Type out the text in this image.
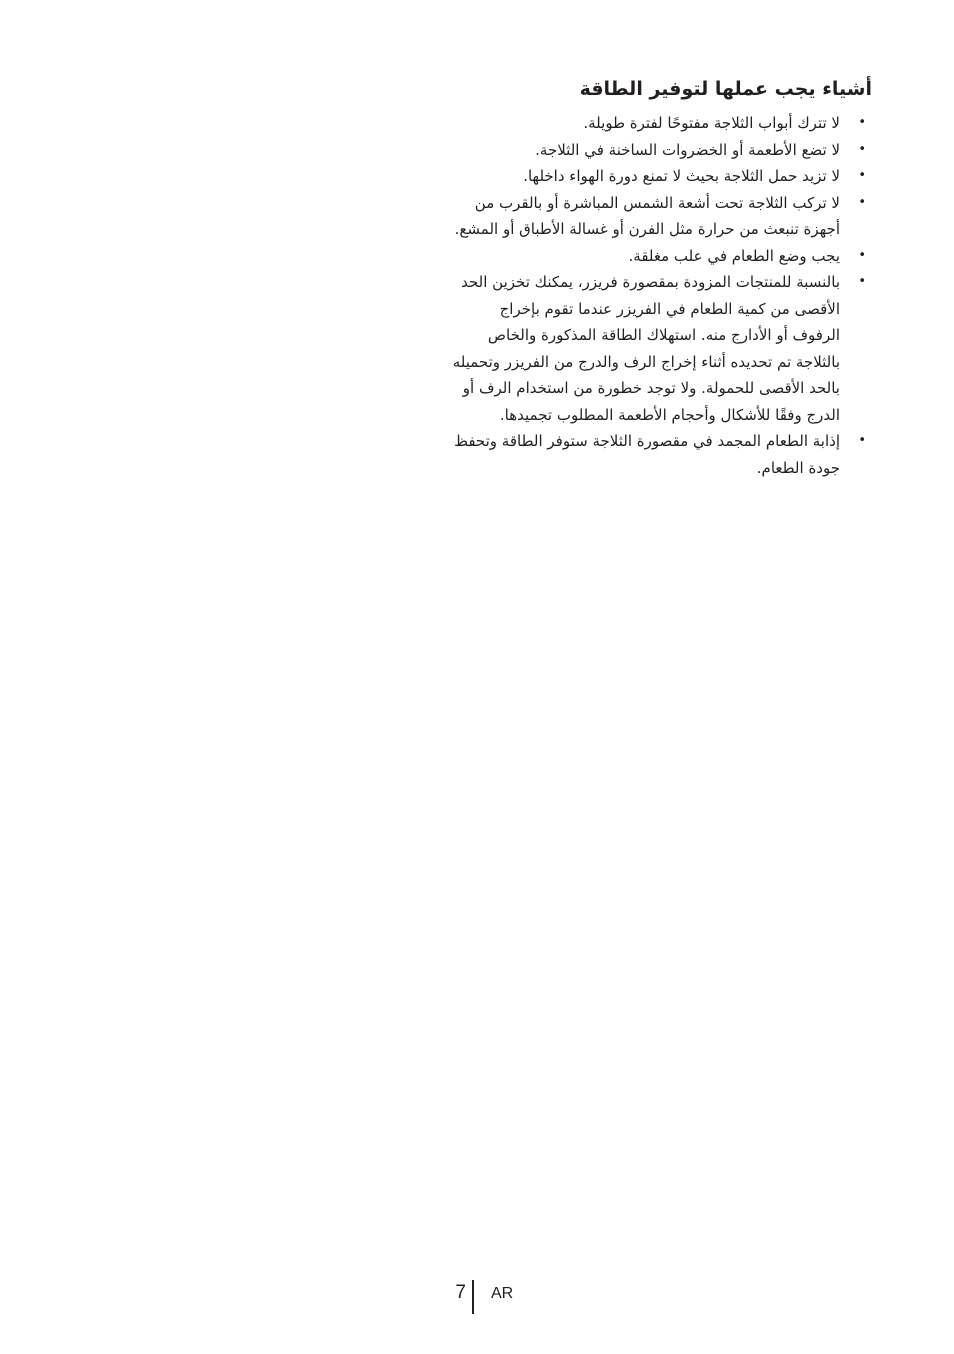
أشياء يجب عملها لتوفير الطاقة
•
لا تترك أبواب الثلاجة مفتوحًا لفترة طويلة.
•
لا تضع الأطعمة أو الخضروات الساخنة في الثلاجة.
•
لا تزيد حمل الثلاجة بحيث لا تمنع دورة الهواء داخلها.
•
لا تركب الثلاجة تحت أشعة الشمس المباشرة أو بالقرب من أجهزة تنبعث من حرارة مثل الفرن أو غسالة الأطباق أو المشع.
•
يجب وضع الطعام في علب مغلقة.
•
بالنسبة للمنتجات المزودة بمقصورة فريزر، يمكنك تخزين الحد الأقصى من كمية الطعام في الفريزر عندما تقوم بإخراج الرفوف أو الأدارج منه. استهلاك الطاقة المذكورة والخاص بالثلاجة تم تحديده أثناء إخراج الرف والدرج من الفريزر وتحميله بالحد الأقصى للحمولة. ولا توجد خطورة من استخدام الرف أو الدرج وفقًا للأشكال وأحجام الأطعمة المطلوب تجميدها.
•
إذابة الطعام المجمد في مقصورة الثلاجة ستوفر الطاقة وتحفظ جودة الطعام.
7 AR
